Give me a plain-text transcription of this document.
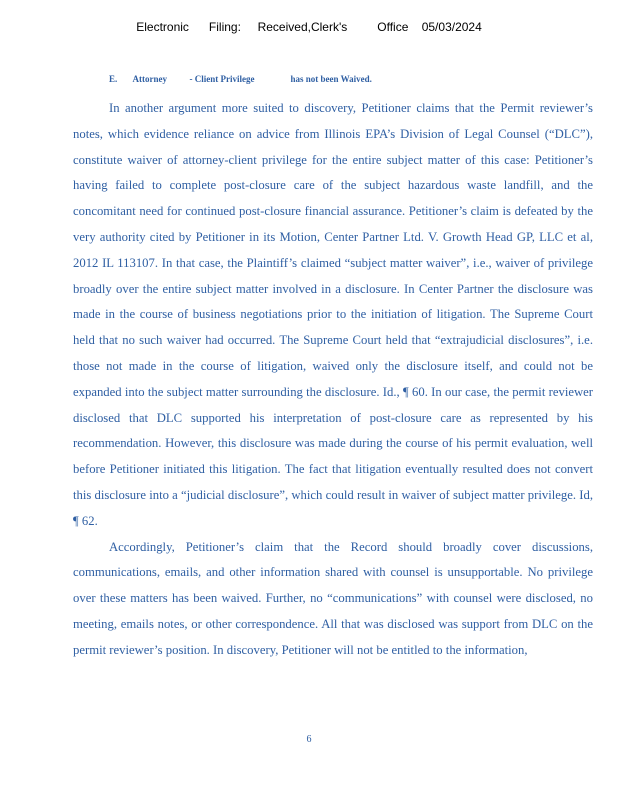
Electronic      Filing:     Received,Clerk's         Office    05/03/2024
E.       Attorney          - Client Privilege                has not been Waived.

In another argument more suited to discovery, Petitioner claims that the Permit reviewer’s notes, which evidence reliance on advice from Illinois EPA’s Division of Legal Counsel (“DLC”), constitute waiver of attorney-client privilege for the entire subject matter of this case: Petitioner’s having failed to complete post-closure care of the subject hazardous waste landfill, and the concomitant need for continued post-closure financial assurance. Petitioner’s claim is defeated by the very authority cited by Petitioner in its Motion, Center Partner Ltd. V. Growth Head GP, LLC et al, 2012 IL 113107. In that case, the Plaintiff’s claimed “subject matter waiver”, i.e., waiver of privilege broadly over the entire subject matter involved in a disclosure. In Center Partner the disclosure was made in the course of business negotiations prior to the initiation of litigation. The Supreme Court held that no such waiver had occurred. The Supreme Court held that “extrajudicial disclosures”, i.e. those not made in the course of litigation, waived only the disclosure itself, and could not be expanded into the subject matter surrounding the disclosure. Id., ¶ 60. In our case, the permit reviewer disclosed that DLC supported his interpretation of post-closure care as represented by his recommendation. However, this disclosure was made during the course of his permit evaluation, well before Petitioner initiated this litigation. The fact that litigation eventually resulted does not convert this disclosure into a “judicial disclosure”, which could result in waiver of subject matter privilege. Id, ¶ 62.

Accordingly, Petitioner’s claim that the Record should broadly cover discussions, communications, emails, and other information shared with counsel is unsupportable. No privilege over these matters has been waived. Further, no “communications” with counsel were disclosed, no meeting, emails notes, or other correspondence. All that was disclosed was support from DLC on the permit reviewer’s position. In discovery, Petitioner will not be entitled to the information,

6
